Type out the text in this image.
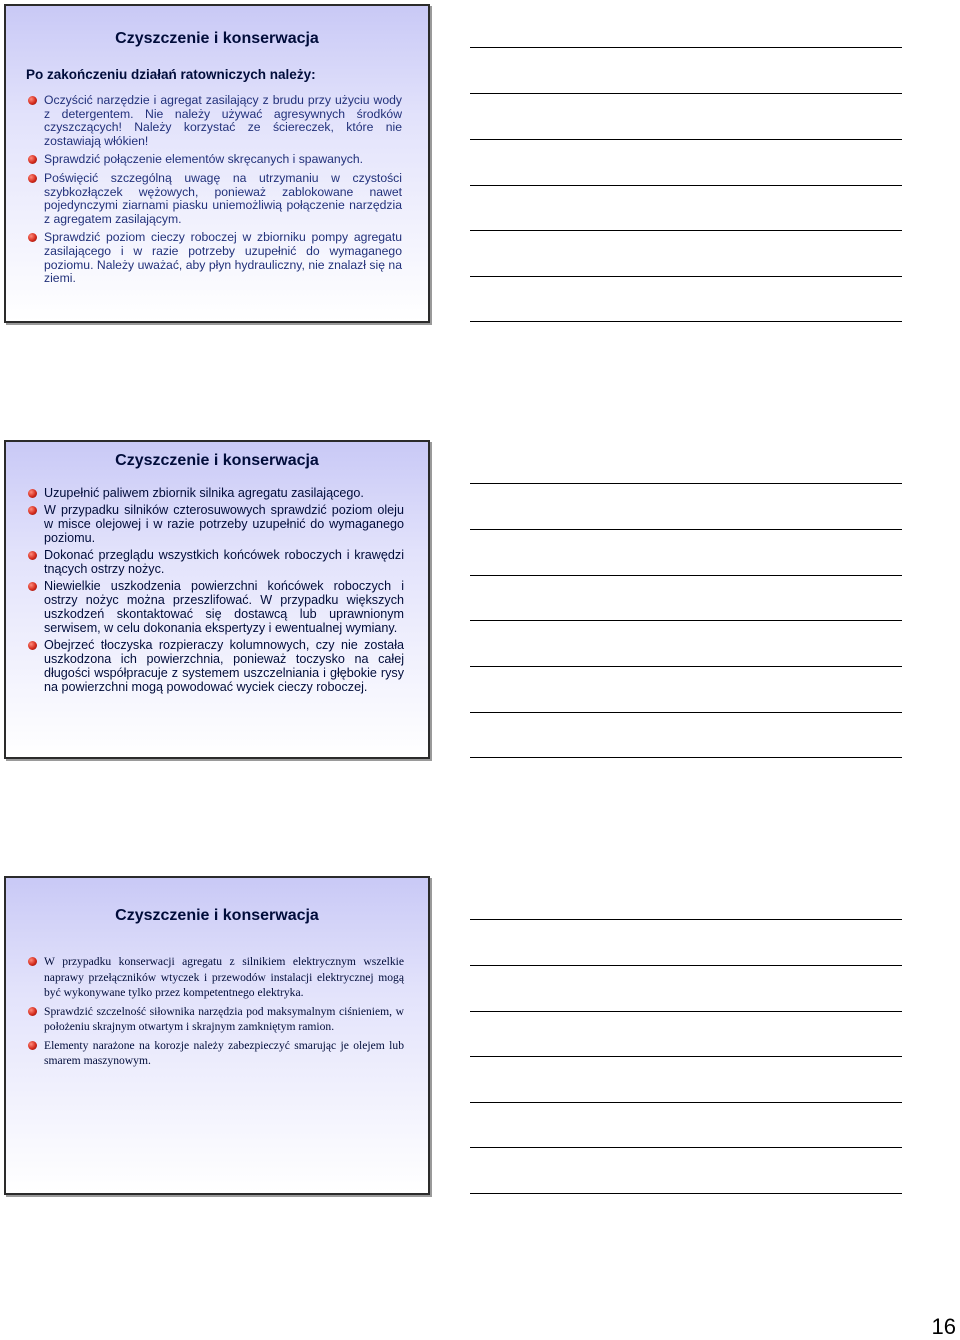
Czyszczenie i konserwacja
Po zakończeniu działań ratowniczych należy:
Oczyścić narzędzie i agregat zasilający z brudu przy użyciu wody z detergentem. Nie należy używać agresywnych środków czyszczących! Należy korzystać ze ściereczek, które nie zostawiają włókien!
Sprawdzić połączenie elementów skręcanych i spawanych.
Poświęcić szczególną uwagę na utrzymaniu w czystości szybkozłączek wężowych, ponieważ zablokowane nawet pojedynczymi ziarnami piasku uniemożliwią połączenie narzędzia z agregatem zasilającym.
Sprawdzić poziom cieczy roboczej w zbiorniku pompy agregatu zasilającego i w razie potrzeby uzupełnić do wymaganego poziomu. Należy uważać, aby płyn hydrauliczny, nie znalazł się na ziemi.
Czyszczenie i konserwacja
Uzupełnić paliwem zbiornik silnika agregatu zasilającego.
W przypadku silników czterosuwowych sprawdzić poziom oleju w misce olejowej i w razie potrzeby uzupełnić do wymaganego poziomu.
Dokonać przeglądu wszystkich końcówek roboczych i krawędzi tnących ostrzy nożyc.
Niewielkie uszkodzenia powierzchni końcówek roboczych i ostrzy nożyc można przeszlifować. W przypadku większych uszkodzeń skontaktować się dostawcą lub uprawnionym serwisem, w celu dokonania ekspertyzy i ewentualnej wymiany.
Obejrzeć tłoczyska rozpieraczy kolumnowych, czy nie została uszkodzona ich powierzchnia, ponieważ toczysko na całej długości współpracuje z systemem uszczelniania i głębokie rysy na powierzchni mogą powodować wyciek cieczy roboczej.
Czyszczenie i konserwacja
W przypadku konserwacji agregatu z silnikiem elektrycznym wszelkie naprawy przełączników wtyczek i przewodów instalacji elektrycznej mogą być wykonywane tylko przez kompetentnego elektryka.
Sprawdzić szczelność siłownika narzędzia pod maksymalnym ciśnieniem, w położeniu skrajnym otwartym i skrajnym zamkniętym ramion.
Elementy narażone na korozje należy zabezpieczyć smarując je olejem lub smarem maszynowym.
16
